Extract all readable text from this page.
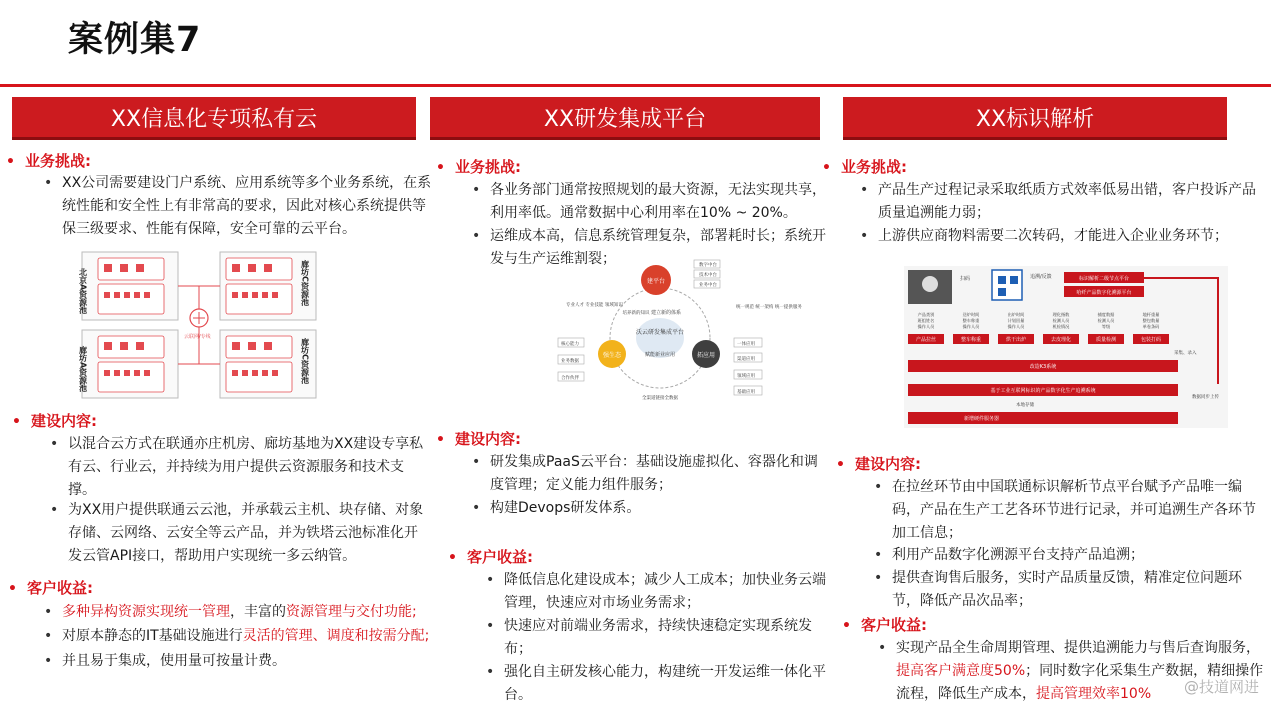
案例集7
XX信息化专项私有云
• 业务挑战:
• XX公司需要建设门户系统、应用系统等多个业务系统，在系统性能和安全性上有非常高的要求，因此对核心系统提供等保三级要求、性能有保障，安全可靠的云平台。
云联网/专线
北京A资源池
廊坊A资源池
廊坊C资源池
廊坊C资源池
• 建设内容:
• 以混合云方式在联通亦庄机房、廊坊基地为XX建设专享私有云、行业云，并持续为用户提供云资源服务和技术支撑。
• 为XX用户提供联通云云池，并承载云主机、块存储、对象存储、云网络、云安全等云产品，并为铁塔云池标准化开发云管API接口，帮助用户实现统一多云纳管。
• 客户收益:
• 多种异构资源实现统一管理，丰富的资源管理与交付功能;
• 对原本静态的IT基础设施进行灵活的管理、调度和按需分配;
• 并且易于集成，使用量可按量计费。
XX研发集成平台
• 业务挑战:
• 各业务部门通常按照规划的最大资源，无法实现共享，利用率低。通常数据中心利用率在10% ~ 20%。
• 运维成本高，信息系统管理复杂，部署耗时长；系统开发与生产运维割裂；
沃云研发集成平台
赋能新业应用
建立新的体系
培养新的知识
建平台
强生态	拓应用
数字中台
技术中台
业务中台
核心能力
业务数据
合作伙伴
一体应用
渠道应用
领域应用
基础应用
全渠道链接全数据
专业人才 专业技能 领域知识	统一规范 统一架构 统一提供服务
• 建设内容:
• 研发集成PaaS云平台：基础设施虚拟化、容器化和调度管理；定义能力组件服务；
• 构建Devops研发体系。
• 客户收益:
• 降低信息化建设成本；减少人工成本；加快业务云端管理，快速应对市场业务需求；
• 快速应对前端业务需求，持续快速稳定实现系统发布；
• 强化自主研发核心能力，构建统一开发运维一体化平台。
XX标识解析
• 业务挑战:
• 产品生产过程记录采取纸质方式效率低易出错，客户投诉产品质量追溯能力弱；
• 上游供应商物料需要二次转码，才能进入企业业务环节；
扫码	追溯/反馈	标识解析二级节点平台
哈纤产品数字化溯源平台
数据同步上传
产品类别
班组姓名
操作人员
产品拉丝
送炉时间
整车称重
操作人员
整车称重
出炉时间
计划回量
操作人员
烘干出炉
理化指数
检测人员
机检情况
去皮理化
捕度数据
检测人员
等级
质量检测
地杆重量
整包数量
单卷条码
包装打码
采集、录入
改造K3系统
基于工业互联网标识的产品数字化生产追溯系统
本地存储
新增硬件服务器
• 建设内容:
• 在拉丝环节由中国联通标识解析节点平台赋予产品唯一编码，产品在生产工艺各环节进行记录，并可追溯生产各环节加工信息；
• 利用产品数字化溯源平台支持产品追溯；
• 提供查询售后服务，实时产品质量反馈，精准定位问题环节，降低产品次品率；
• 客户收益:
• 实现产品全生命周期管理、提供追溯能力与售后查询服务，提高客户满意度50%；同时数字化采集生产数据，精细操作流程，降低生产成本，提高管理效率10%	@技道网进
